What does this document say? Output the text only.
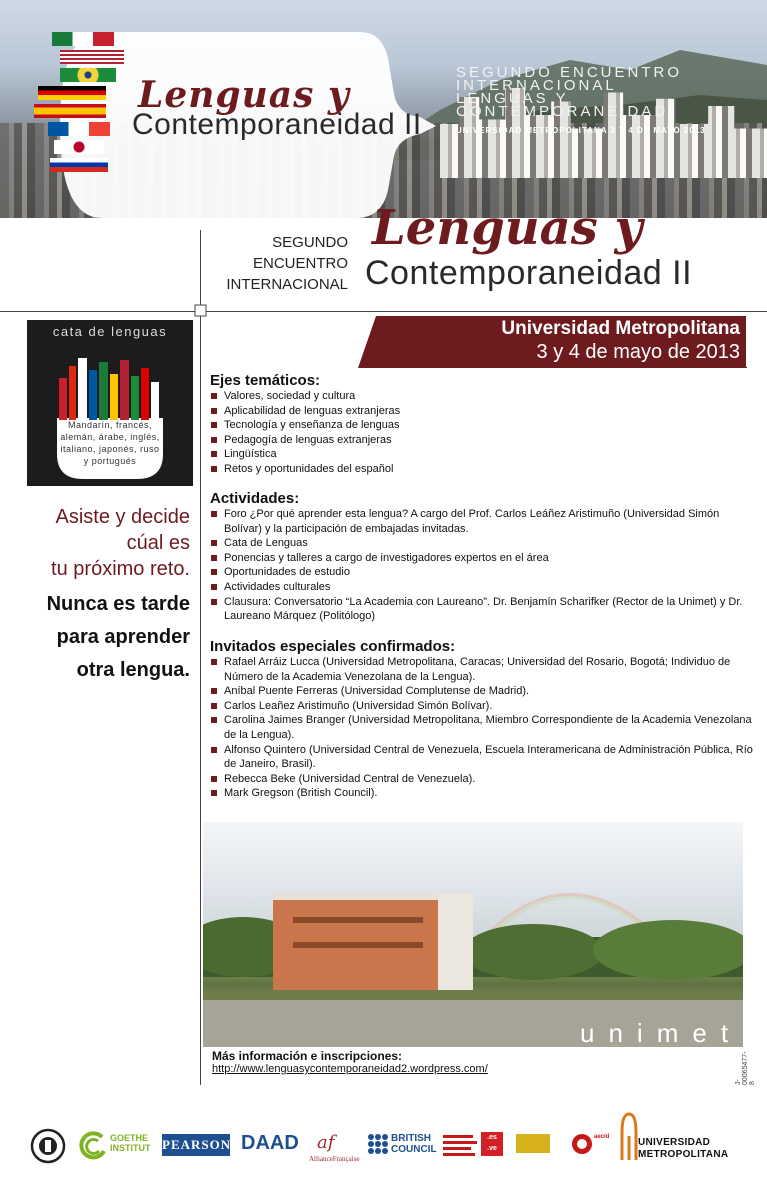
Lenguas y
Contemporaneidad II
SEGUNDO ENCUENTRO
INTERNACIONAL
LENGUAS Y
CONTEMPORANEIDAD
UNIVERSIDAD METROPOLITANA 3 Y 4 DE MAYO 2013
SEGUNDO
ENCUENTRO
INTERNACIONAL
Lenguas y
Contemporaneidad II
Universidad Metropolitana
3 y 4 de mayo de 2013
cata de lenguas
Mandarín, francés, alemán, árabe, inglés, italiano, japonés, ruso y portugués
Asiste y decide
cúal es
tu próximo reto.
Nunca es tarde
para aprender
otra lengua.
Ejes temáticos:
Valores, sociedad y cultura
Aplicabilidad de lenguas extranjeras
Tecnología y enseñanza de lenguas
Pedagogía de lenguas extranjeras
Lingüística
Retos y oportunidades del español
Actividades:
Foro ¿Por qué aprender esta lengua? A cargo del Prof. Carlos Leáñez Aristimuño (Universidad Simón Bolívar) y la participación de embajadas invitadas.
Cata de Lenguas
Ponencias y talleres a cargo de investigadores expertos en el área
Oportunidades de estudio
Actividades culturales
Clausura: Conversatorio “La Academia con Laureano”. Dr. Benjamín Scharifker (Rector de la Unimet) y Dr. Laureano Márquez (Politólogo)
Invitados especiales confirmados:
Rafael Arráiz Lucca (Universidad Metropolitana, Caracas; Universidad del Rosario, Bogotá; Individuo de Número de la Academia Venezolana de la Lengua).
Aníbal Puente Ferreras (Universidad Complutense de Madrid).
Carlos Leañez Aristimuño (Universidad Simón Bolívar).
Carolina Jaimes Branger (Universidad Metropolitana, Miembro Correspondiente de la Academia Venezolana de la Lengua).
Alfonso Quintero (Universidad Central de Venezuela, Escuela Interamericana de Administración Pública, Río de Janeiro, Brasil).
Rebecca Beke (Universidad Central de Venezuela).
Mark Gregson (British Council).
unimet
Más información e inscripciones:
http://www.lenguasycontemporaneidad2.wordpress.com/
J-00065477-8
GOETHE
INSTITUT PEARSON DAAD af
AllianceFrançaise
BRITISH
COUNCIL
.es
.ve
aecid	UNIVERSIDAD
METROPOLITANA
